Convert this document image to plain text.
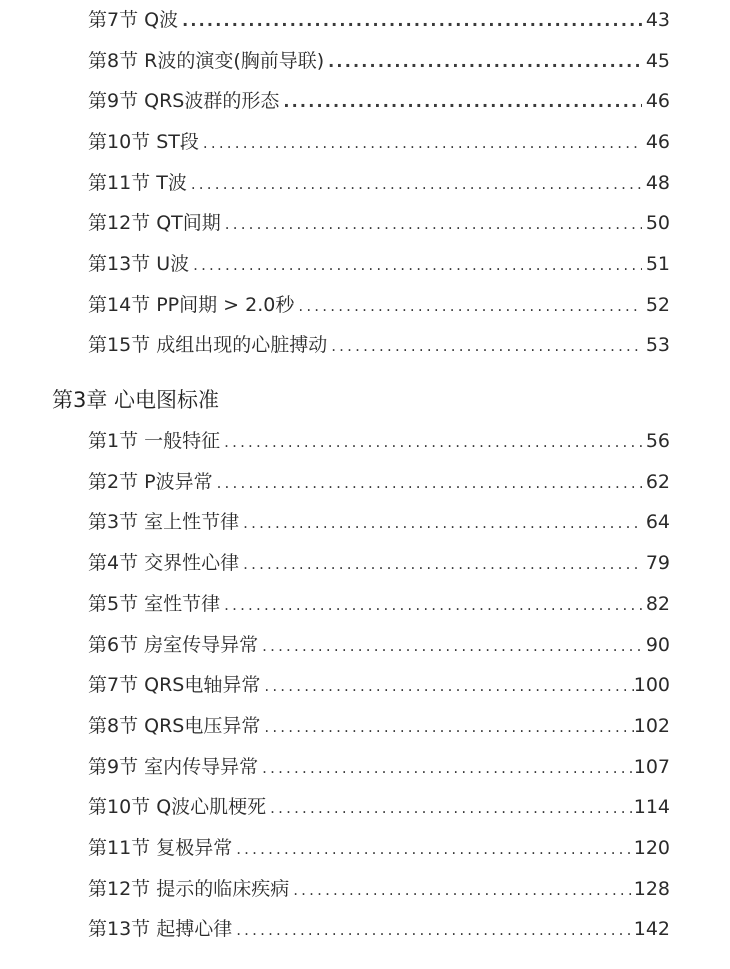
第7节 Q波 .....	43
第8节 R波的演变(胸前导联) .....	45
第9节 QRS波群的形态 .....	46
第10节 ST段 .....	46
第11节 T波 .....	48
第12节 QT间期 .....	50
第13节 U波 .....	51
第14节 PP间期 > 2.0秒 .....	52
第15节 成组出现的心脏搏动 .....	53
第3章 心电图标准
第1节 一般特征 .....	56
第2节 P波异常 .....	62
第3节 室上性节律 .....	64
第4节 交界性心律 .....	79
第5节 室性节律 .....	82
第6节 房室传导异常 .....	90
第7节 QRS电轴异常 .....	100
第8节 QRS电压异常 .....	102
第9节 室内传导异常 .....	107
第10节 Q波心肌梗死 .....	114
第11节 复极异常 .....	120
第12节 提示的临床疾病 .....	128
第13节 起搏心律 .....	142
